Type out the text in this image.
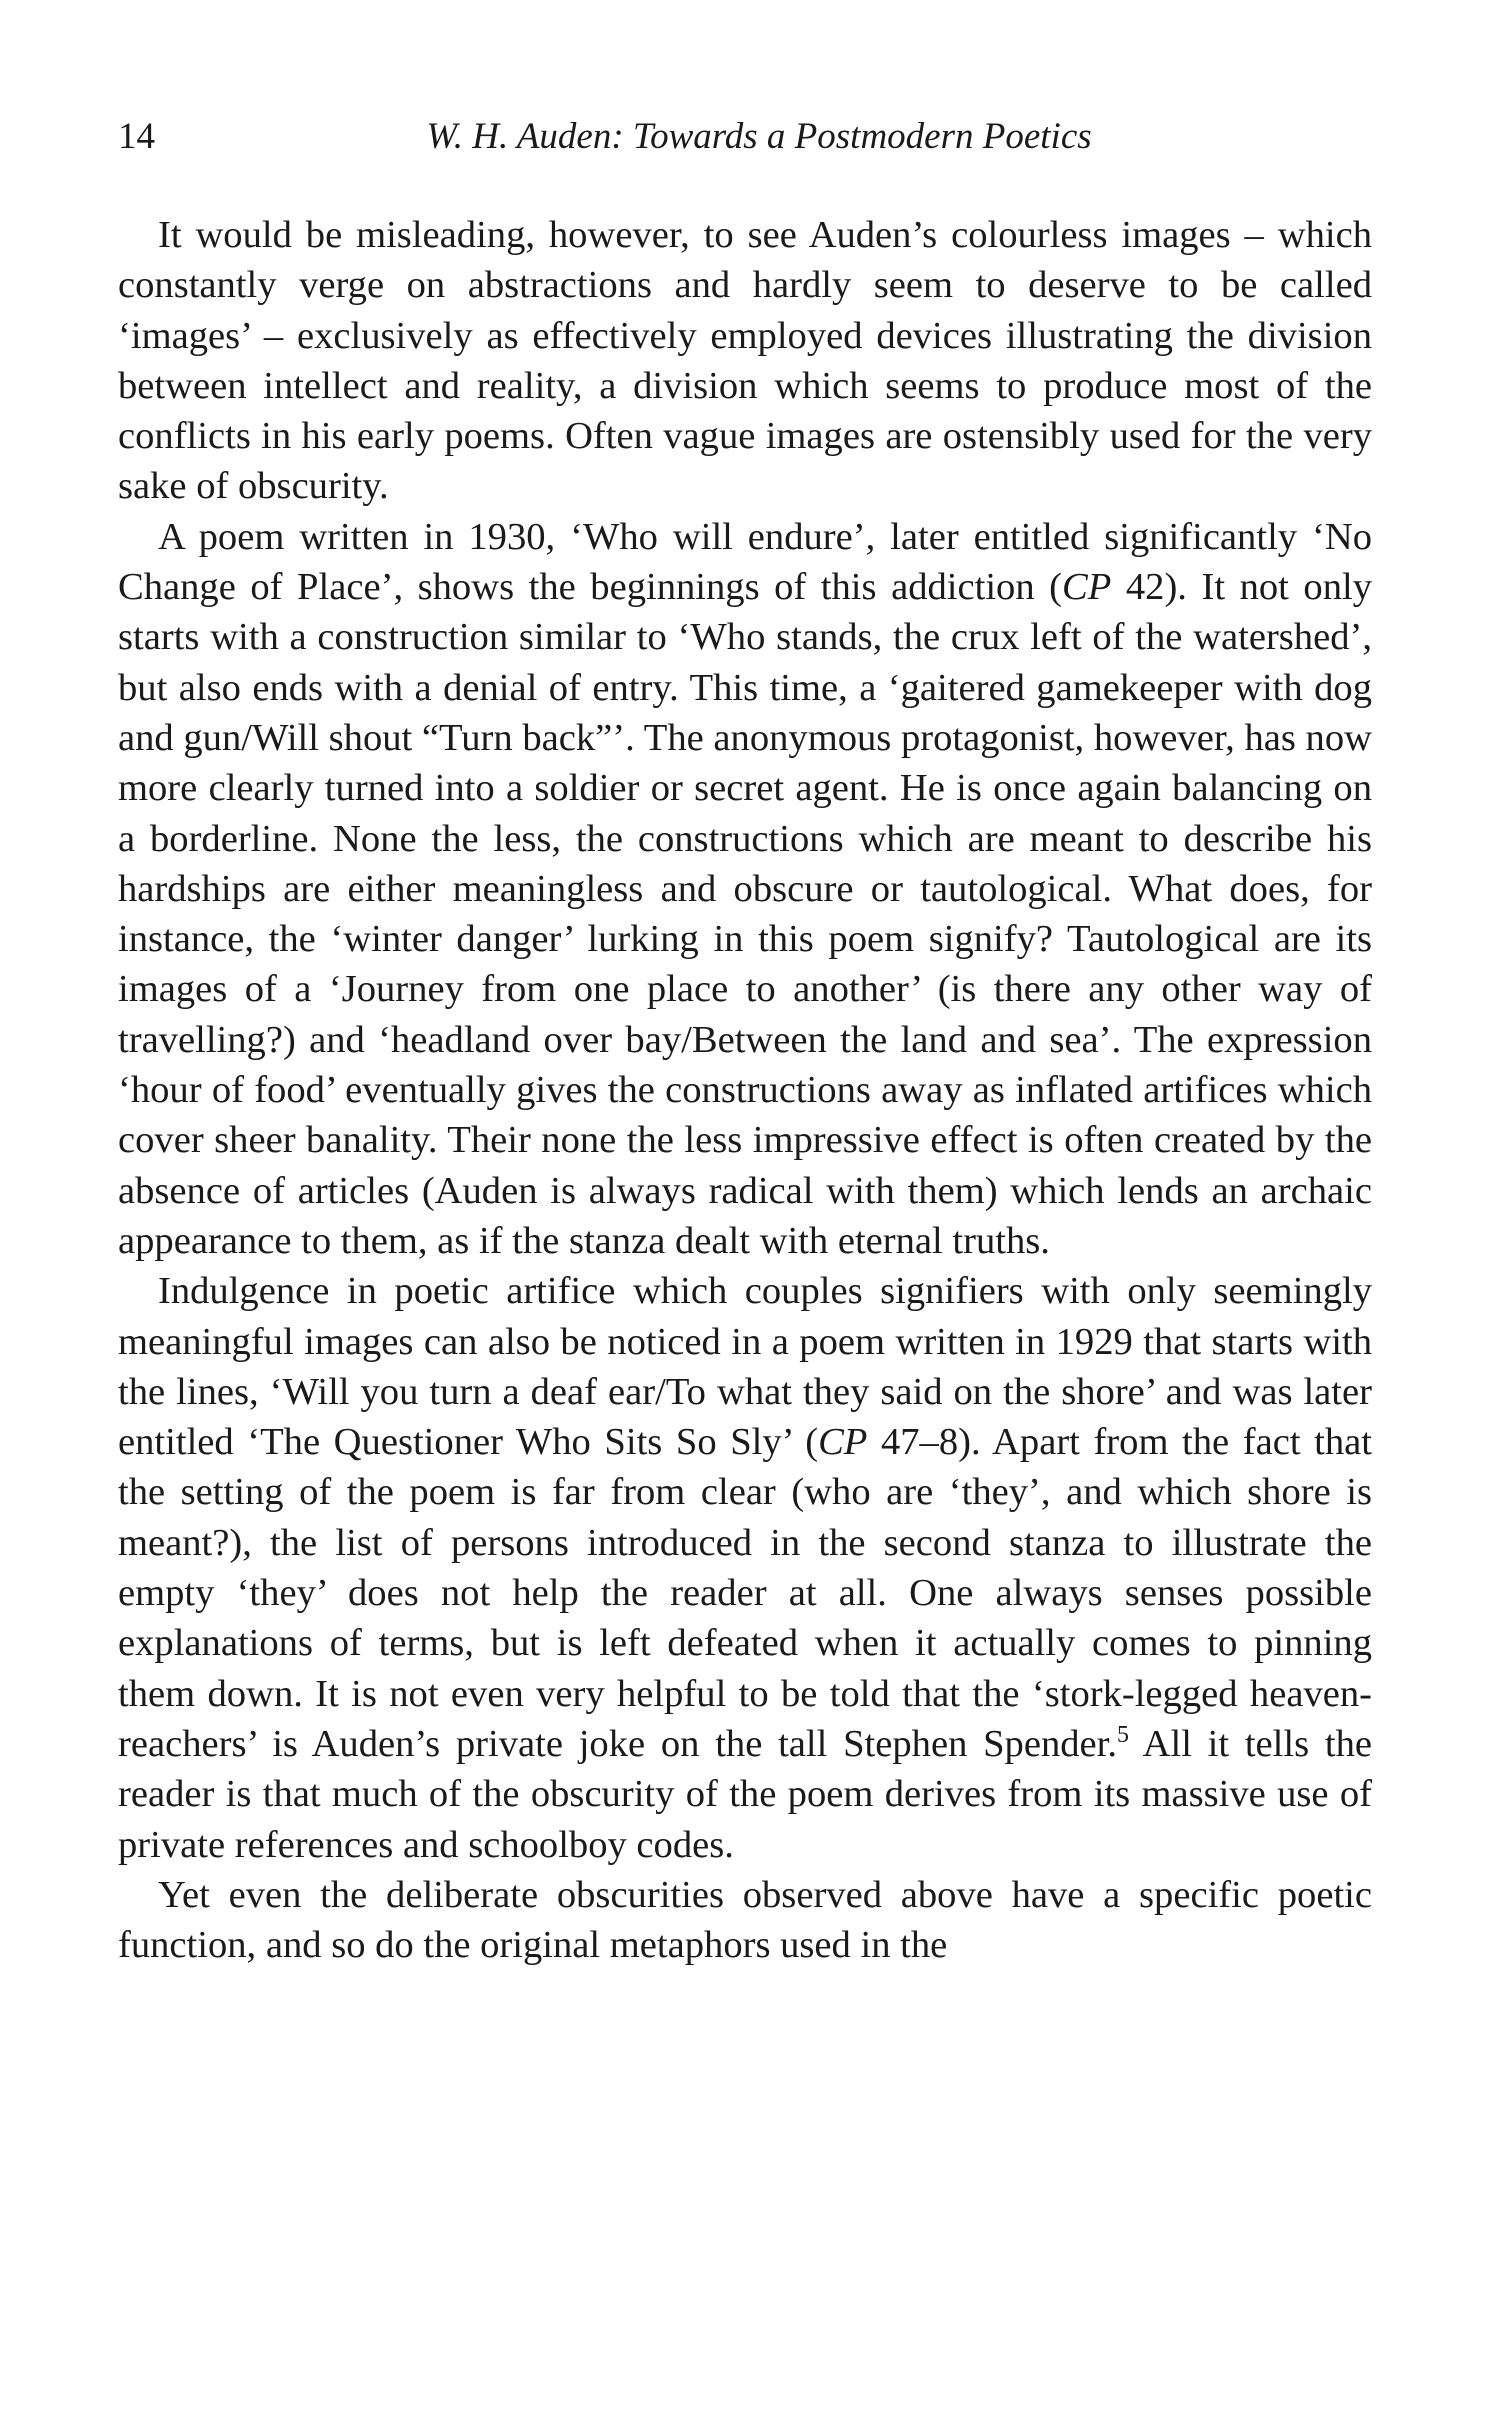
14	W. H. Auden: Towards a Postmodern Poetics

It would be misleading, however, to see Auden’s colourless images – which constantly verge on abstractions and hardly seem to deserve to be called ‘images’ – exclusively as effectively employed devices illustrating the division between intellect and reality, a division which seems to produce most of the conflicts in his early poems. Often vague images are ostensibly used for the very sake of obscurity.

A poem written in 1930, ‘Who will endure’, later entitled significantly ‘No Change of Place’, shows the beginnings of this addiction (CP 42). It not only starts with a construction similar to ‘Who stands, the crux left of the watershed’, but also ends with a denial of entry. This time, a ‘gaitered gamekeeper with dog and gun/Will shout “Turn back”’. The anonymous protagonist, however, has now more clearly turned into a soldier or secret agent. He is once again balancing on a borderline. None the less, the constructions which are meant to describe his hardships are either meaningless and obscure or tautological. What does, for instance, the ‘winter danger’ lurking in this poem signify? Tautological are its images of a ‘Journey from one place to another’ (is there any other way of travelling?) and ‘headland over bay/Between the land and sea’. The expression ‘hour of food’ eventually gives the constructions away as inflated artifices which cover sheer banality. Their none the less impressive effect is often created by the absence of articles (Auden is always radical with them) which lends an archaic appearance to them, as if the stanza dealt with eternal truths.

Indulgence in poetic artifice which couples signifiers with only seemingly meaningful images can also be noticed in a poem written in 1929 that starts with the lines, ‘Will you turn a deaf ear/To what they said on the shore’ and was later entitled ‘The Questioner Who Sits So Sly’ (CP 47–8). Apart from the fact that the setting of the poem is far from clear (who are ‘they’, and which shore is meant?), the list of persons introduced in the second stanza to illustrate the empty ‘they’ does not help the reader at all. One always senses possible explanations of terms, but is left defeated when it actually comes to pinning them down. It is not even very helpful to be told that the ‘stork-legged heaven-reachers’ is Auden’s private joke on the tall Stephen Spender.$^5$ All it tells the reader is that much of the obscurity of the poem derives from its massive use of private references and schoolboy codes.

Yet even the deliberate obscurities observed above have a specific poetic function, and so do the original metaphors used in the
